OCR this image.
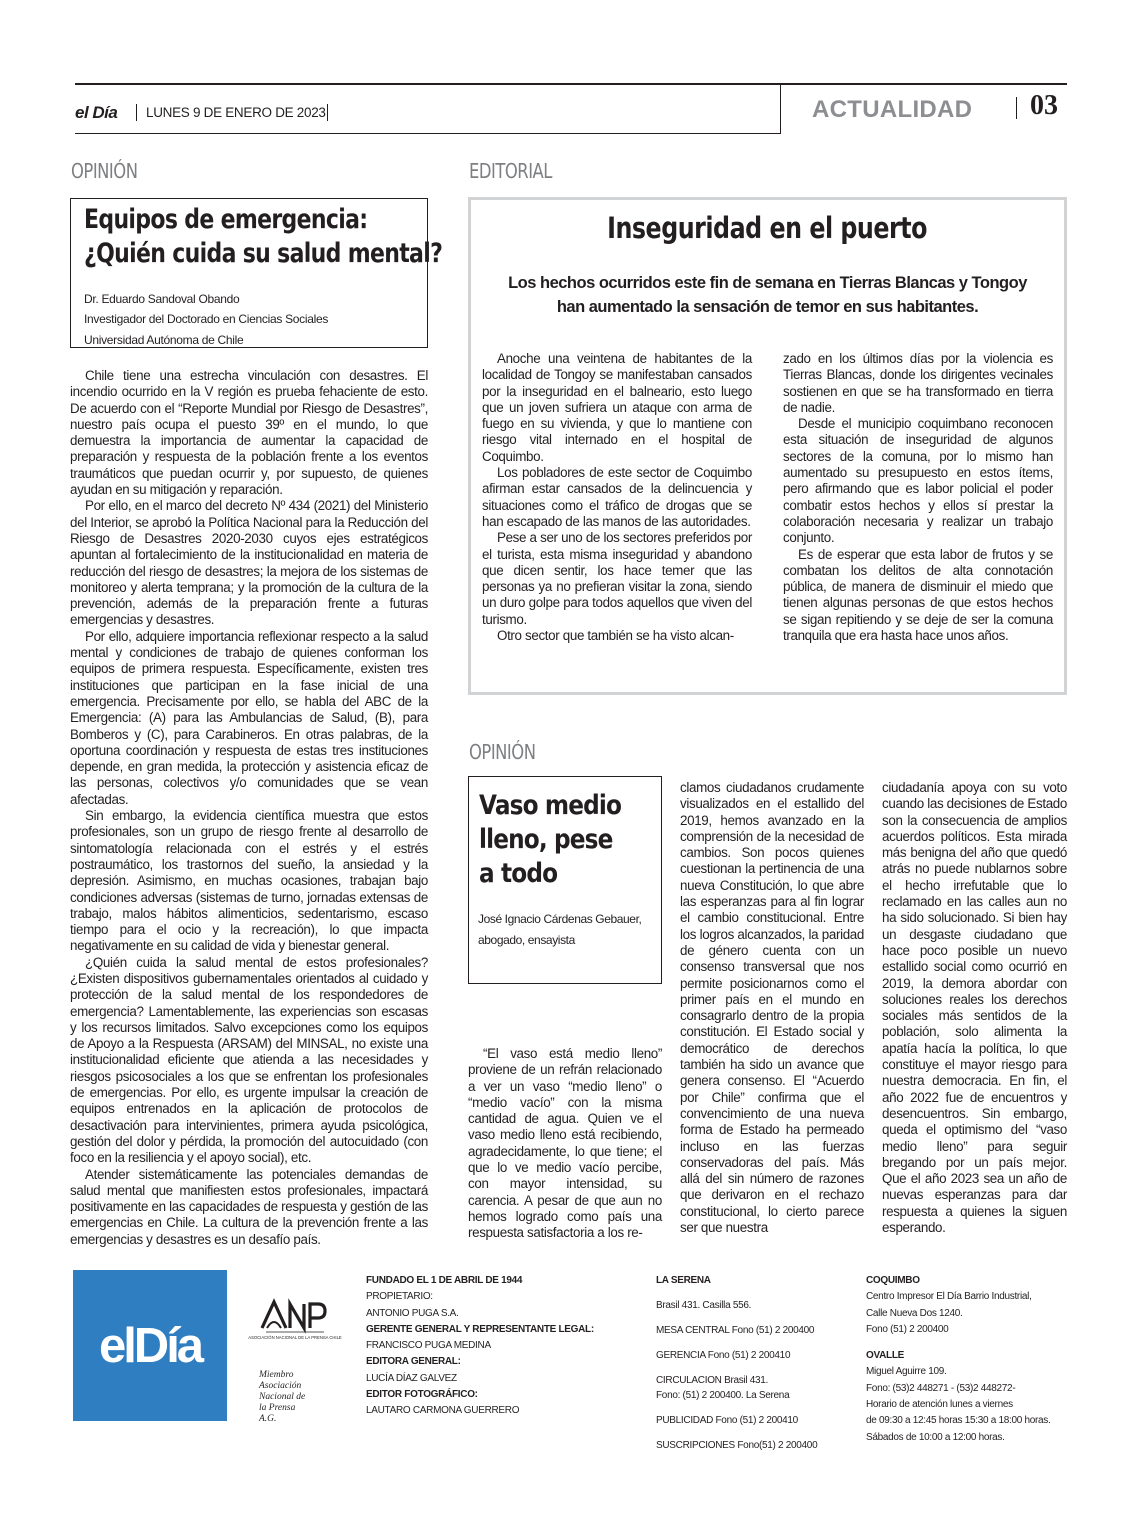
el Día LUNES 9 DE ENERO DE 2023	ACTUALIDAD 03
OPINIÓN
Equipos de emergencia:
¿Quién cuida su salud mental?
Dr. Eduardo Sandoval Obando
Investigador del Doctorado en Ciencias Sociales
Universidad Autónoma de Chile

Chile tiene una estrecha vinculación con desastres. El incendio ocurrido en la V región es prueba fehaciente de esto. De acuerdo con el “Reporte Mundial por Riesgo de Desastres”, nuestro país ocupa el puesto 39º en el mundo, lo que demuestra la importancia de aumentar la capacidad de preparación y respuesta de la población frente a los eventos traumáticos que puedan ocurrir y, por supuesto, de quienes ayudan en su mitigación y reparación.

Por ello, en el marco del decreto Nº 434 (2021) del Ministerio del Interior, se aprobó la Política Nacional para la Reducción del Riesgo de Desastres 2020-2030 cuyos ejes estratégicos apuntan al fortalecimiento de la institucionalidad en materia de reducción del riesgo de desastres; la mejora de los sistemas de monitoreo y alerta temprana; y la promoción de la cultura de la prevención, además de la preparación frente a futuras emergencias y desastres.

Por ello, adquiere importancia reflexionar respecto a la salud mental y condiciones de trabajo de quienes conforman los equipos de primera respuesta. Específicamente, existen tres instituciones que participan en la fase inicial de una emergencia. Precisamente por ello, se habla del ABC de la Emergencia: (A) para las Ambulancias de Salud, (B), para Bomberos y (C), para Carabineros. En otras palabras, de la oportuna coordinación y respuesta de estas tres instituciones depende, en gran medida, la protección y asistencia eficaz de las personas, colectivos y/o comunidades que se vean afectadas.

Sin embargo, la evidencia científica muestra que estos profesionales, son un grupo de riesgo frente al desarrollo de sintomatología relacionada con el estrés y el estrés postraumático, los trastornos del sueño, la ansiedad y la depresión. Asimismo, en muchas ocasiones, trabajan bajo condiciones adversas (sistemas de turno, jornadas extensas de trabajo, malos hábitos alimenticios, sedentarismo, escaso tiempo para el ocio y la recreación), lo que impacta negativamente en su calidad de vida y bienestar general.

¿Quién cuida la salud mental de estos profesionales? ¿Existen dispositivos gubernamentales orientados al cuidado y protección de la salud mental de los respondedores de emergencia? Lamentablemente, las experiencias son escasas y los recursos limitados. Salvo excepciones como los equipos de Apoyo a la Respuesta (ARSAM) del MINSAL, no existe una institucionalidad eficiente que atienda a las necesidades y riesgos psicosociales a los que se enfrentan los profesionales de emergencias. Por ello, es urgente impulsar la creación de equipos entrenados en la aplicación de protocolos de desactivación para intervinientes, primera ayuda psicológica, gestión del dolor y pérdida, la promoción del autocuidado (con foco en la resiliencia y el apoyo social), etc.

Atender sistemáticamente las potenciales demandas de salud mental que manifiesten estos profesionales, impactará positivamente en las capacidades de respuesta y gestión de las emergencias en Chile. La cultura de la prevención frente a las emergencias y desastres es un desafío país.

EDITORIAL
Inseguridad en el puerto
Los hechos ocurridos este fin de semana en Tierras Blancas y Tongoy
han aumentado la sensación de temor en sus habitantes.

Anoche una veintena de habitantes de la localidad de Tongoy se manifestaban cansados por la inseguridad en el balneario, esto luego que un joven sufriera un ataque con arma de fuego en su vivienda, y que lo mantiene con riesgo vital internado en el hospital de Coquimbo.

Los pobladores de este sector de Coquimbo afirman estar cansados de la delincuencia y situaciones como el tráfico de drogas que se han escapado de las manos de las autoridades.

Pese a ser uno de los sectores preferidos por el turista, esta misma inseguridad y abandono que dicen sentir, los hace temer que las personas ya no prefieran visitar la zona, siendo un duro golpe para todos aquellos que viven del turismo.

Otro sector que también se ha visto alcan-

zado en los últimos días por la violencia es Tierras Blancas, donde los dirigentes vecinales sostienen en que se ha transformado en tierra de nadie.

Desde el municipio coquimbano reconocen esta situación de inseguridad de algunos sectores de la comuna, por lo mismo han aumentado su presupuesto en estos ítems, pero afirmando que es labor policial el poder combatir estos hechos y ellos sí prestar la colaboración necesaria y realizar un trabajo conjunto.

Es de esperar que esta labor de frutos y se combatan los delitos de alta connotación pública, de manera de disminuir el miedo que tienen algunas personas de que estos hechos se sigan repitiendo y se deje de ser la comuna tranquila que era hasta hace unos años.

OPINIÓN
Vaso medio
lleno, pese
a todo
José Ignacio Cárdenas Gebauer,
abogado, ensayista

“El vaso está medio lleno” proviene de un refrán relacionado a ver un vaso “medio lleno” o “medio vacío” con la misma cantidad de agua. Quien ve el vaso medio lleno está recibiendo, agradecidamente, lo que tiene; el que lo ve medio vacío percibe, con mayor intensidad, su carencia. A pesar de que aun no hemos logrado como país una respuesta satisfactoria a los re-

clamos ciudadanos crudamente visualizados en el estallido del 2019, hemos avanzado en la comprensión de la necesidad de cambios. Son pocos quienes cuestionan la pertinencia de una nueva Constitución, lo que abre las esperanzas para al fin lograr el cambio constitucional. Entre los logros alcanzados, la paridad de género cuenta con un consenso transversal que nos permite posicionarnos como el primer país en el mundo en consagrarlo dentro de la propia constitución. El Estado social y democrático de derechos también ha sido un avance que genera consenso. El “Acuerdo por Chile” confirma que el convencimiento de una nueva forma de Estado ha permeado incluso en las fuerzas conservadoras del país. Más allá del sin número de razones que derivaron en el rechazo constitucional, lo cierto parece ser que nuestra

ciudadanía apoya con su voto cuando las decisiones de Estado son la consecuencia de amplios acuerdos políticos. Esta mirada más benigna del año que quedó atrás no puede nublarnos sobre el hecho irrefutable que lo reclamado en las calles aun no ha sido solucionado. Si bien hay un desgaste ciudadano que hace poco posible un nuevo estallido social como ocurrió en 2019, la demora abordar con soluciones reales los derechos sociales más sentidos de la población, solo alimenta la apatía hacía la política, lo que constituye el mayor riesgo para nuestra democracia. En fin, el año 2022 fue de encuentros y desencuentros. Sin embargo, queda el optimismo del “vaso medio lleno” para seguir bregando por un país mejor. Que el año 2023 sea un año de nuevas esperanzas para dar respuesta a quienes la siguen esperando.

elDía	ASOCIACIÓN NACIONAL DE LA PRENSA CHILE
Miembro
Asociación
Nacional de
la Prensa
A.G.
FUNDADO EL 1 DE ABRIL DE 1944
PROPIETARIO:
ANTONIO PUGA S.A.
GERENTE GENERAL Y REPRESENTANTE LEGAL:
FRANCISCO PUGA MEDINA
EDITORA GENERAL:
LUCÍA DÍAZ GALVEZ
EDITOR FOTOGRÁFICO:
LAUTARO CARMONA GUERRERO
LA SERENA
Brasil 431. Casilla 556.
MESA CENTRAL Fono (51) 2 200400
GERENCIA Fono (51) 2 200410
CIRCULACION Brasil 431.
Fono: (51) 2 200400. La Serena
PUBLICIDAD Fono (51) 2 200410
SUSCRIPCIONES Fono(51) 2 200400
COQUIMBO
Centro Impresor El Día Barrio Industrial,
Calle Nueva Dos 1240.
Fono (51) 2 200400
OVALLE
Miguel Aguirre 109.
Fono: (53)2 448271 - (53)2 448272-
Horario de atención lunes a viernes
de 09:30 a 12:45 horas 15:30 a 18:00 horas.
Sábados de 10:00 a 12:00 horas.
